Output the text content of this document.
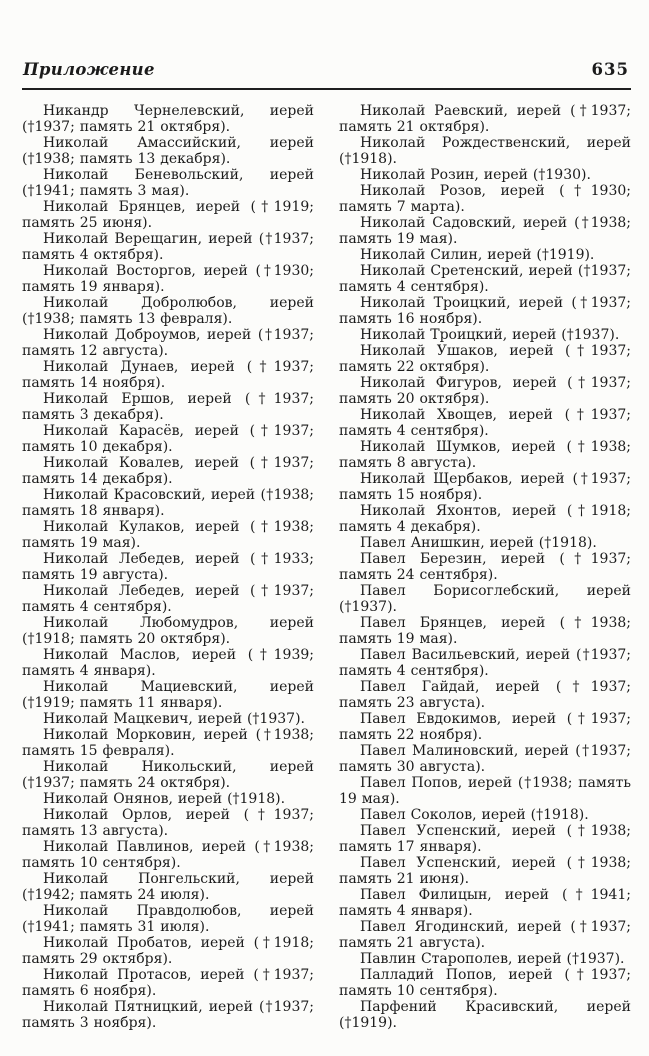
Приложение	635

Никандр Чернелевский, иерей (†1937; память 21 октября).

Николай Амассийский, иерей (†1938; память 13 декабря).

Николай Беневольский, иерей (†1941; память 3 мая).

Николай Брянцев, иерей (†1919; память 25 июня).

Николай Верещагин, иерей (†1937; память 4 октября).

Николай Восторгов, иерей (†1930; память 19 января).

Николай Добролюбов, иерей (†1938; память 13 февраля).

Николай Доброумов, иерей (†1937; память 12 августа).

Николай Дунаев, иерей (†1937; память 14 ноября).

Николай Ершов, иерей (†1937; память 3 декабря).

Николай Карасёв, иерей (†1937; память 10 декабря).

Николай Ковалев, иерей (†1937; память 14 декабря).

Николай Красовский, иерей (†1938; память 18 января).

Николай Кулаков, иерей (†1938; память 19 мая).

Николай Лебедев, иерей (†1933; память 19 августа).

Николай Лебедев, иерей (†1937; память 4 сентября).

Николай Любомудров, иерей (†1918; память 20 октября).

Николай Маслов, иерей (†1939; память 4 января).

Николай Мациевский, иерей (†1919; память 11 января).

Николай Мацкевич, иерей (†1937).

Николай Морковин, иерей (†1938; память 15 февраля).

Николай Никольский, иерей (†1937; память 24 октября).

Николай Онянов, иерей (†1918).

Николай Орлов, иерей (†1937; память 13 августа).

Николай Павлинов, иерей (†1938; память 10 сентября).

Николай Понгельский, иерей (†1942; память 24 июля).

Николай Правдолюбов, иерей (†1941; память 31 июля).

Николай Пробатов, иерей (†1918; память 29 октября).

Николай Протасов, иерей (†1937; память 6 ноября).

Николай Пятницкий, иерей (†1937; память 3 ноября).

Николай Раевский, иерей (†1937; память 21 октября).

Николай Рождественский, иерей (†1918).

Николай Розин, иерей (†1930).

Николай Розов, иерей (†1930; память 7 марта).

Николай Садовский, иерей (†1938; память 19 мая).

Николай Силин, иерей (†1919).

Николай Сретенский, иерей (†1937; память 4 сентября).

Николай Троицкий, иерей (†1937; память 16 ноября).

Николай Троицкий, иерей (†1937).

Николай Ушаков, иерей (†1937; память 22 октября).

Николай Фигуров, иерей (†1937; память 20 октября).

Николай Хвощев, иерей (†1937; память 4 сентября).

Николай Шумков, иерей (†1938; память 8 августа).

Николай Щербаков, иерей (†1937; память 15 ноября).

Николай Яхонтов, иерей (†1918; память 4 декабря).

Павел Анишкин, иерей (†1918).

Павел Березин, иерей (†1937; память 24 сентября).

Павел Борисоглебский, иерей (†1937).

Павел Брянцев, иерей (†1938; память 19 мая).

Павел Васильевский, иерей (†1937; память 4 сентября).

Павел Гайдай, иерей (†1937; память 23 августа).

Павел Евдокимов, иерей (†1937; память 22 ноября).

Павел Малиновский, иерей (†1937; память 30 августа).

Павел Попов, иерей (†1938; память 19 мая).

Павел Соколов, иерей (†1918).

Павел Успенский, иерей (†1938; память 17 января).

Павел Успенский, иерей (†1938; память 21 июня).

Павел Филицын, иерей (†1941; память 4 января).

Павел Ягодинский, иерей (†1937; память 21 августа).

Павлин Старополев, иерей (†1937).

Палладий Попов, иерей (†1937; память 10 сентября).

Парфений Красивский, иерей (†1919).
